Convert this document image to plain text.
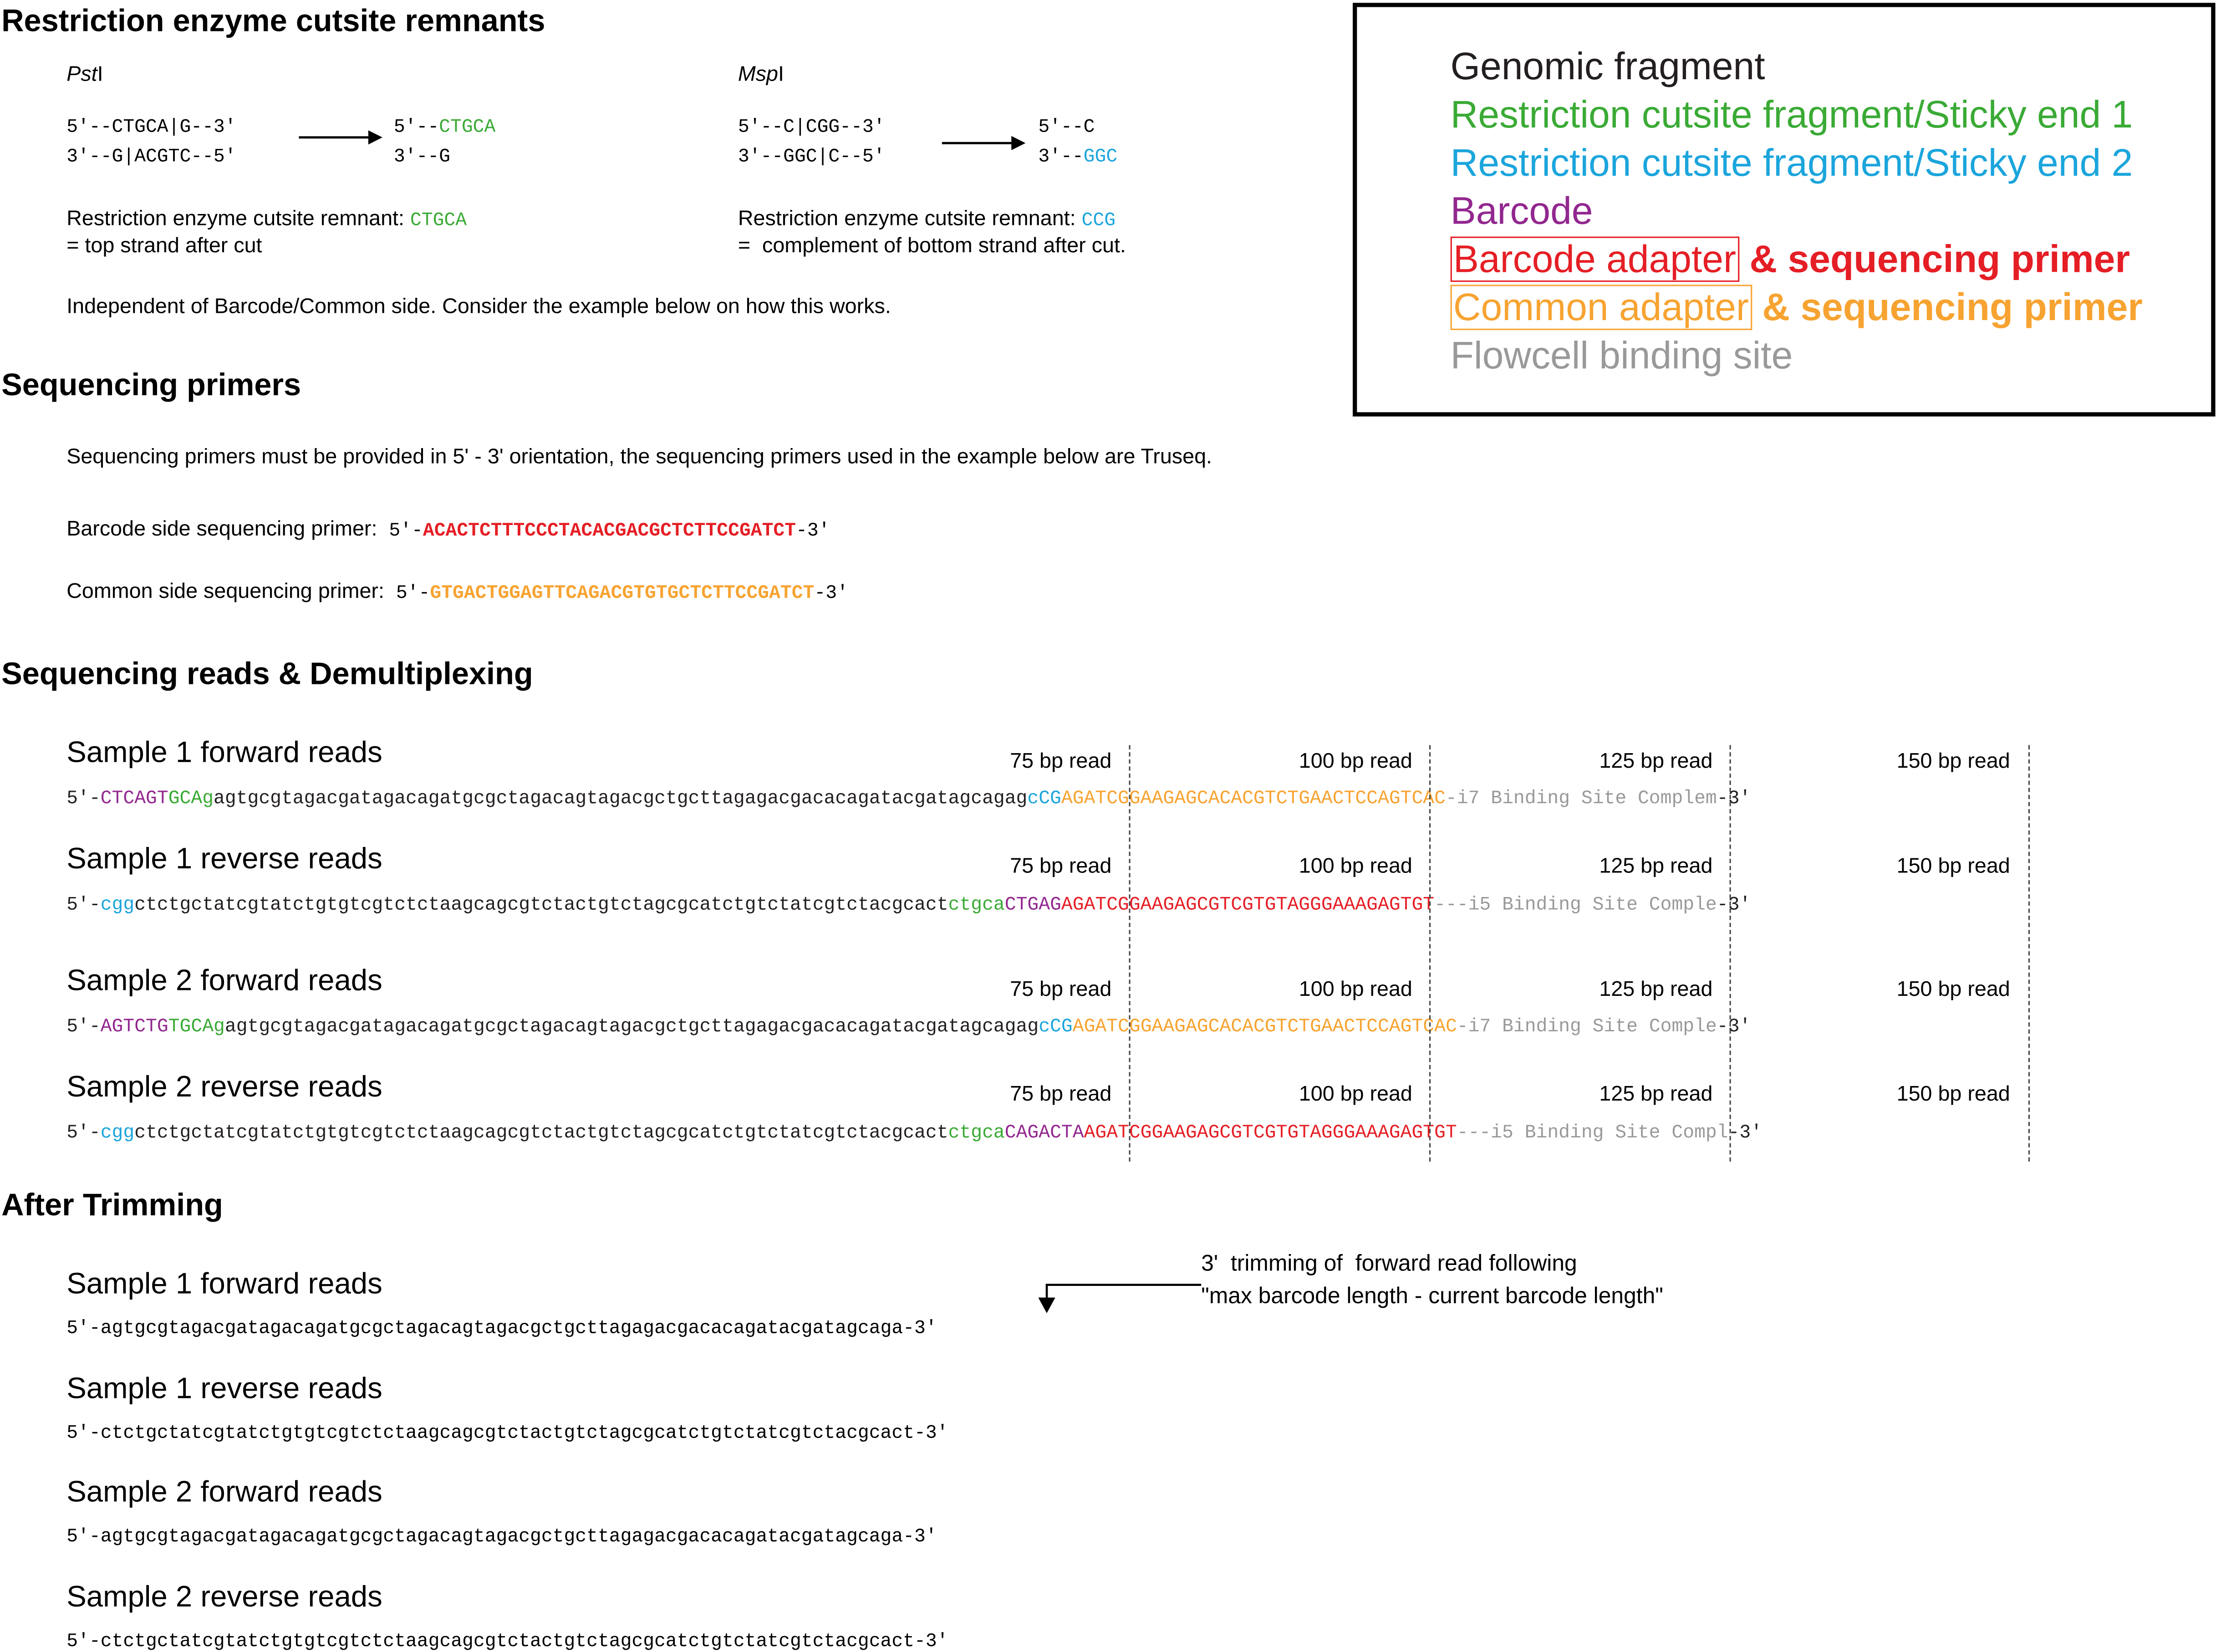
Restriction enzyme cutsite remnants
Sequencing primers
Sequencing reads & Demultiplexing
After Trimming
PstI
5'--CTGCA|G--3'
3'--G|ACGTC--5'
5'--CTGCA
3'--G
Restriction enzyme cutsite remnant: CTGCA
= top strand after cut
MspI
5'--C|CGG--3'
3'--GGC|C--5'
5'--C
3'--GGC
Restriction enzyme cutsite remnant: CCG
=  complement of bottom strand after cut.
Independent of Barcode/Common side. Consider the example below on how this works.
Sequencing primers must be provided in 5' - 3' orientation, the sequencing primers used in the example below are Truseq.
Barcode side sequencing primer:  5'-ACACTCTTTCCCTACACGACGCTCTTCCGATCT-3'
Common side sequencing primer:  5'-GTGACTGGAGTTCAGACGTGTGCTCTTCCGATCT-3'
Sample 1 forward reads	75 bp read	100 bp read	125 bp read	150 bp read
5'-CTCAGTGCAgagtgcgtagacgatagacagatgcgctagacagtagacgctgcttagagacgacacagatacgatagcagagcCGAGATCGGAAGAGCACACGTCTGAACTCCAGTCAC-i7 Binding Site Complem-3'
Sample 1 reverse reads	75 bp read	100 bp read	125 bp read	150 bp read
5'-cggctctgctatcgtatctgtgtcgtctctaagcagcgtctactgtctagcgcatctgtctatcgtctacgcactctgcaCTGAGAGATCGGAAGAGCGTCGTGTAGGGAAAGAGTGT---i5 Binding Site Comple-3'
Sample 2 forward reads	75 bp read	100 bp read	125 bp read	150 bp read
5'-AGTCTGTGCAgagtgcgtagacgatagacagatgcgctagacagtagacgctgcttagagacgacacagatacgatagcagagcCGAGATCGGAAGAGCACACGTCTGAACTCCAGTCAC-i7 Binding Site Comple-3'
Sample 2 reverse reads	75 bp read	100 bp read	125 bp read	150 bp read
5'-cggctctgctatcgtatctgtgtcgtctctaagcagcgtctactgtctagcgcatctgtctatcgtctacgcactctgcaCAGACTAAGATCGGAAGAGCGTCGTGTAGGGAAAGAGTGT---i5 Binding Site Compl-3'
Sample 1 forward reads
5'-agtgcgtagacgatagacagatgcgctagacagtagacgctgcttagagacgacacagatacgatagcaga-3'
Sample 1 reverse reads
5'-ctctgctatcgtatctgtgtcgtctctaagcagcgtctactgtctagcgcatctgtctatcgtctacgcact-3'
Sample 2 forward reads
5'-agtgcgtagacgatagacagatgcgctagacagtagacgctgcttagagacgacacagatacgatagcaga-3'
Sample 2 reverse reads
5'-ctctgctatcgtatctgtgtcgtctctaagcagcgtctactgtctagcgcatctgtctatcgtctacgcact-3'
3'  trimming of  forward read following
"max barcode length - current barcode length"
Genomic fragment
Restriction cutsite fragment/Sticky end 1
Restriction cutsite fragment/Sticky end 2
Barcode
Barcode adapter & sequencing primer
Common adapter & sequencing primer
Flowcell binding site
